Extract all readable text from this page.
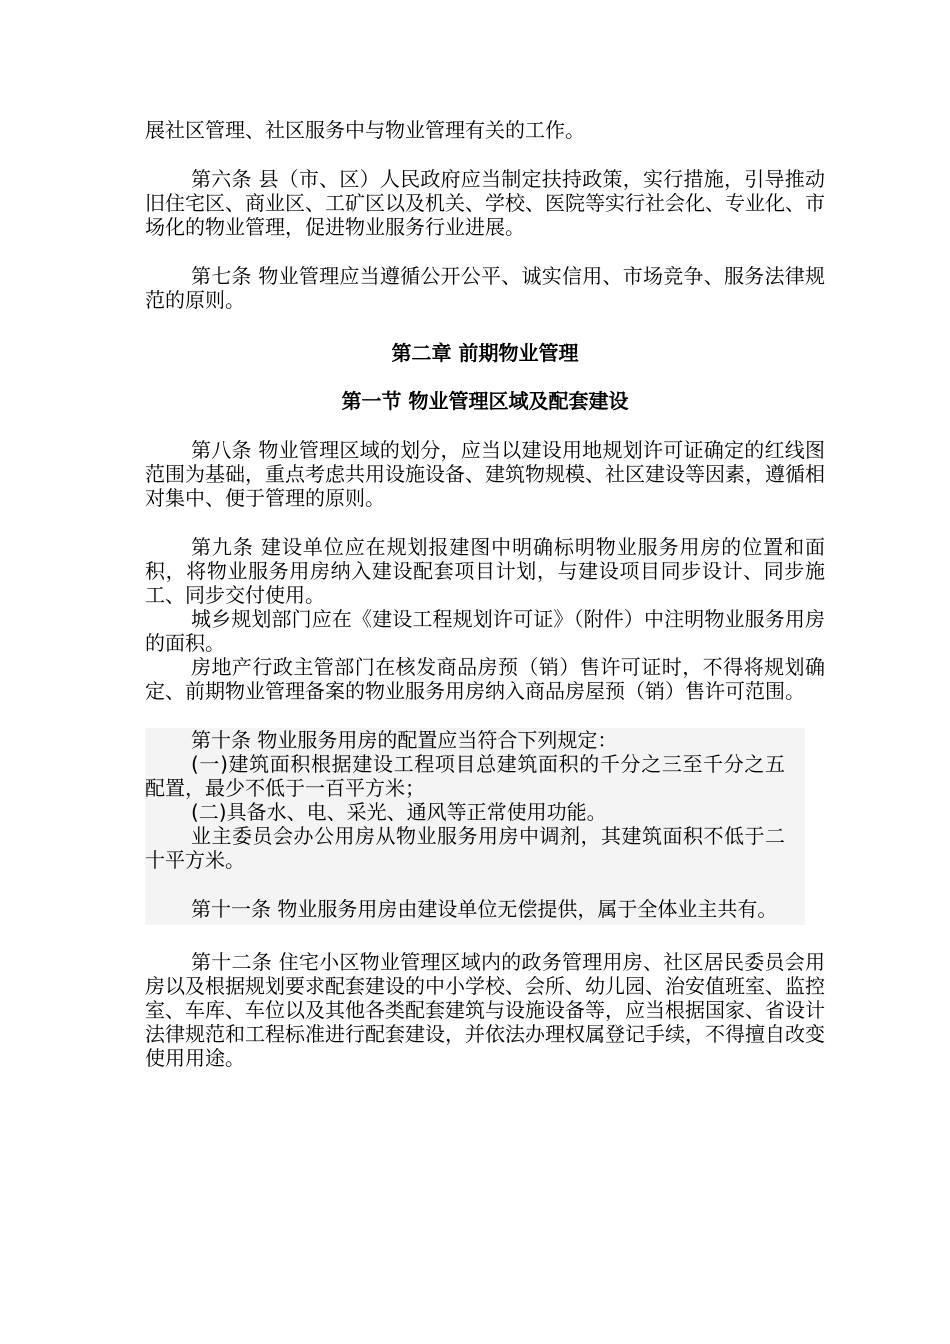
展社区管理、社区服务中与物业管理有关的工作。

第六条 县（市、区）人民政府应当制定扶持政策，实行措施，引导推动旧住宅区、商业区、工矿区以及机关、学校、医院等实行社会化、专业化、市场化的物业管理，促进物业服务行业进展。

第七条 物业管理应当遵循公开公平、诚实信用、市场竞争、服务法律规范的原则。

第二章 前期物业管理
第一节 物业管理区域及配套建设

第八条 物业管理区域的划分，应当以建设用地规划许可证确定的红线图范围为基础，重点考虑共用设施设备、建筑物规模、社区建设等因素，遵循相对集中、便于管理的原则。

第九条 建设单位应在规划报建图中明确标明物业服务用房的位置和面积，将物业服务用房纳入建设配套项目计划，与建设项目同步设计、同步施工、同步交付使用。

城乡规划部门应在《建设工程规划许可证》（附件）中注明物业服务用房的面积。

房地产行政主管部门在核发商品房预（销）售许可证时，不得将规划确定、前期物业管理备案的物业服务用房纳入商品房屋预（销）售许可范围。

第十条 物业服务用房的配置应当符合下列规定：

(一)建筑面积根据建设工程项目总建筑面积的千分之三至千分之五配置，最少不低于一百平方米；

(二)具备水、电、采光、通风等正常使用功能。

业主委员会办公用房从物业服务用房中调剂，其建筑面积不低于二十平方米。

第十一条 物业服务用房由建设单位无偿提供，属于全体业主共有。

第十二条 住宅小区物业管理区域内的政务管理用房、社区居民委员会用房以及根据规划要求配套建设的中小学校、会所、幼儿园、治安值班室、监控室、车库、车位以及其他各类配套建筑与设施设备等，应当根据国家、省设计法律规范和工程标准进行配套建设，并依法办理权属登记手续，不得擅自改变使用用途。
